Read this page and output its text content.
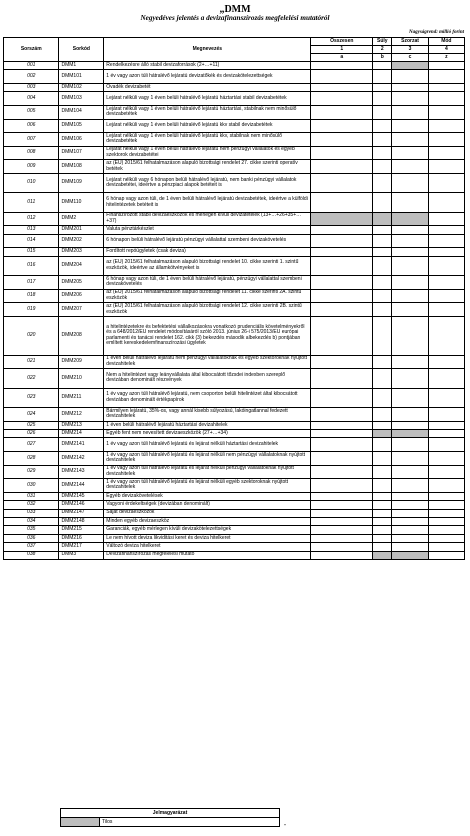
„DMM
Negyedéves jelentés a devizafinanszírozás megfelelési mutatóról
Nagyságrend: millió forint
Sorszám	Sorkód	Megnevezés	Összesen	Súly	Szorzat	Mód
			1	2	3	4
			a	b	c	z
001	DMM1	Rendelkezésre álló stabil devizaforrások (2+…+11)				
002	DMM101	1 év vagy azon túli hátralévő lejáratú devizatőkék és devizakötelezettségek				
003	DMM102	Óvadék devizabetét				
004	DMM103	Lejárat nélküli vagy 1 éven belüli hátralévő lejáratú háztartási stabil devizabetétek				
005	DMM104	Lejárat nélküli vagy 1 éven belüli hátralévő lejáratú háztartási, stabilnak nem minősülő devizabetétek				
006	DMM105	Lejárat nélküli vagy 1 éven belüli hátralévő lejáratú kkv stabil devizabetétek				
007	DMM106	Lejárat nélküli vagy 1 éven belüli hátralévő lejáratú kkv, stabilnak nem minősülő devizabetétek				
008	DMM107	Lejárat nélküli vagy 1 éven belüli hátralévő lejáratú nem pénzügyi vállalatok és egyéb szektorok devizabetétei				
009	DMM108	az (EU) 2015/61 felhatalmazáson alapuló bizottsági rendelet 27. cikke szerinti operatív betétek				
010	DMM109	Lejárat nélküli vagy 6 hónapon belüli hátralévő lejáratú, nem banki pénzügyi vállalatok devizabetétei, ideértve a pénzpiaci alapok betéteit is				
011	DMM110	6 hónap vagy azon túli, de 1 éven belüli hátralévő lejáratú devizabetétek, ideértve a külföldi hitelintézetek betéteit is				
012	DMM2	Finanszírozott stabil devizaeszközök és mérlegen kívüli devizatételek (13+…+26+35+…+37)				
013	DMM201	Valuta pénztárkészlet				
014	DMM202	6 hónapon belüli hátralévő lejáratú pénzügyi vállalattal szembeni devizakövetelés				
015	DMM203	Fordított repóügyletek (csak deviza)				
016	DMM204	az (EU) 2015/61 felhatalmazáson alapuló bizottsági rendelet 10. cikke szerinti 1. szintű eszközök, ideértve az államkötvényeket is				
017	DMM205	6 hónap vagy azon túli, de 1 éven belüli hátralévő lejáratú, pénzügyi vállalattal szembeni devizakövetelés				
018	DMM206	az (EU) 2015/61 felhatalmazáson alapuló bizottsági rendelet 11. cikke szerinti 2A. szintű eszközök				
019	DMM207	az (EU) 2015/61 felhatalmazáson alapuló bizottsági rendelet 12. cikke szerinti 2B. szintű eszközök				
020	DMM208	a hitelintézetekre és befektetési vállalkozásokra vonatkozó prudenciális követelményekről és a 648/2012/EU rendelet módosításáról szóló 2013. június 26-i 575/2013/EU európai parlamenti és tanácsi rendelet 162. cikk (3) bekezdés második albekezdés b) pontjában említett kereskedelemfinanszírozási ügyletek				
021	DMM209	1 éven belüli hátralévő lejáratú nem pénzügyi vállalatoknak és egyéb szektoroknak nyújtott devizahitelek				
022	DMM210	Nem a hitelintézet vagy leányvállalata által kibocsátott tőzsdei indexben szereplő devizában denominált részvények				
023	DMM211	1 év vagy azon túli hátralévő lejáratú, nem csoporton belüli hitelintézet által kibocsátott devizában denominált értékpapírok				
024	DMM212	Bármilyen lejáratú, 35%-os, vagy annál kisebb súlyozású, lakóingatlannal fedezett devizahitelek				
025	DMM213	1 éven belüli hátralévő lejáratú háztartási devizahitelek				
026	DMM214	Egyéb fent nem nevesített devizaeszközök (27+…+34)				
027	DMM2141	1 év vagy azon túli hátralévő lejáratú és lejárat nélküli háztartási devizahitelek				
028	DMM2142	1 év vagy azon túli hátralévő lejáratú és lejárat nélküli nem pénzügyi vállalatoknak nyújtott devizahitelek				
029	DMM2143	1 év vagy azon túli hátralévő lejáratú és lejárat nélküli pénzügyi vállalatoknak nyújtott devizahitelek				
030	DMM2144	1 év vagy azon túli hátralévő lejáratú és lejárat nélküli egyéb szektoroknak nyújtott devizahitelek				
031	DMM2145	Egyéb devizakövetelések				
032	DMM2146	Vagyoni érdekeltségek (devizában denominált)				
033	DMM2147	Saját devizaeszközök				
034	DMM2148	Minden egyéb devizaeszköz				
035	DMM215	Garanciák, egyéb mérlegen kívüli devizakötelezettségek				
036	DMM216	Le nem hívott deviza likviditási keret és deviza hitelkeret				
037	DMM217	Változó deviza hitelkeret				
038	DMM3	Devizafinanszírozás megfelelési mutató				
Jelmagyarázat
	Tilos
"
